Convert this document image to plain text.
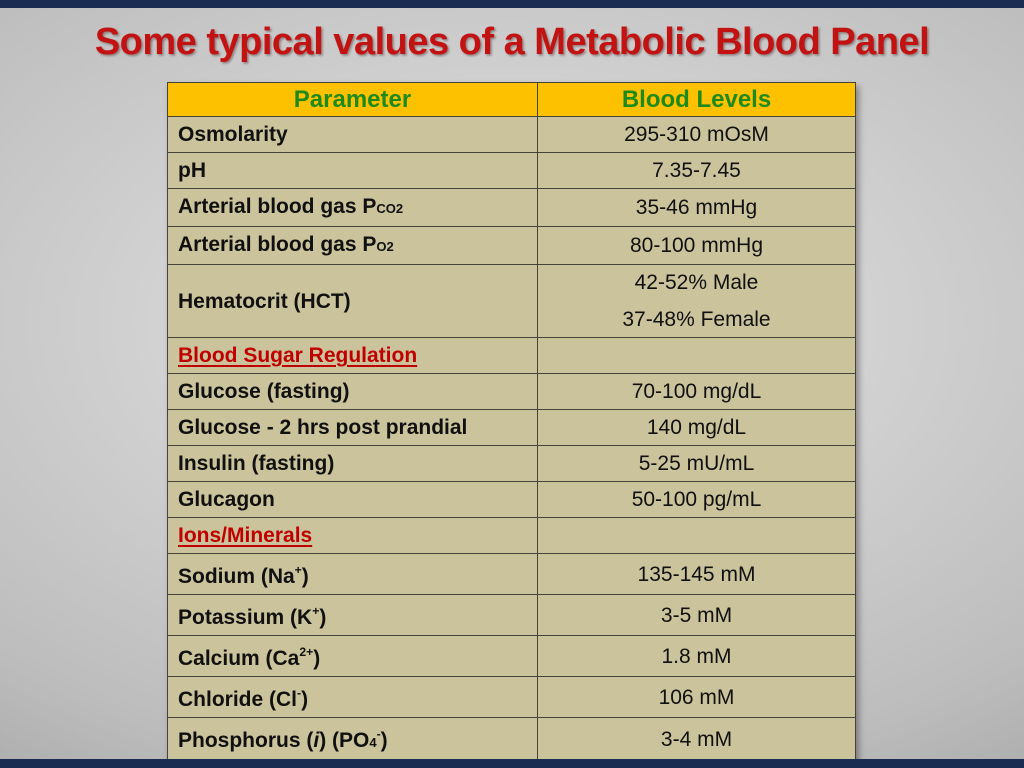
Some typical values of a Metabolic Blood Panel
Parameter	Blood Levels
Osmolarity	295-310 mOsM

pH	7.35-7.45

Arterial blood gas PCO2	35-46 mmHg

Arterial blood gas PO2	80-100 mmHg

Hematocrit (HCT)	42-52% Male
37-48% Female

Blood Sugar Regulation	
Glucose (fasting)	70-100 mg/dL

Glucose - 2 hrs post prandial	140 mg/dL

Insulin (fasting)	5-25 mU/mL

Glucagon	50-100 pg/mL

Ions/Minerals	
Sodium (Na+)	135-145 mM

Potassium (K+)	3-5 mM

Calcium $(Ca^{2+})$	1.8 mM

Chloride (Cl-)	106 mM

Phosphorus (i) (PO4-)	3-4 mM
